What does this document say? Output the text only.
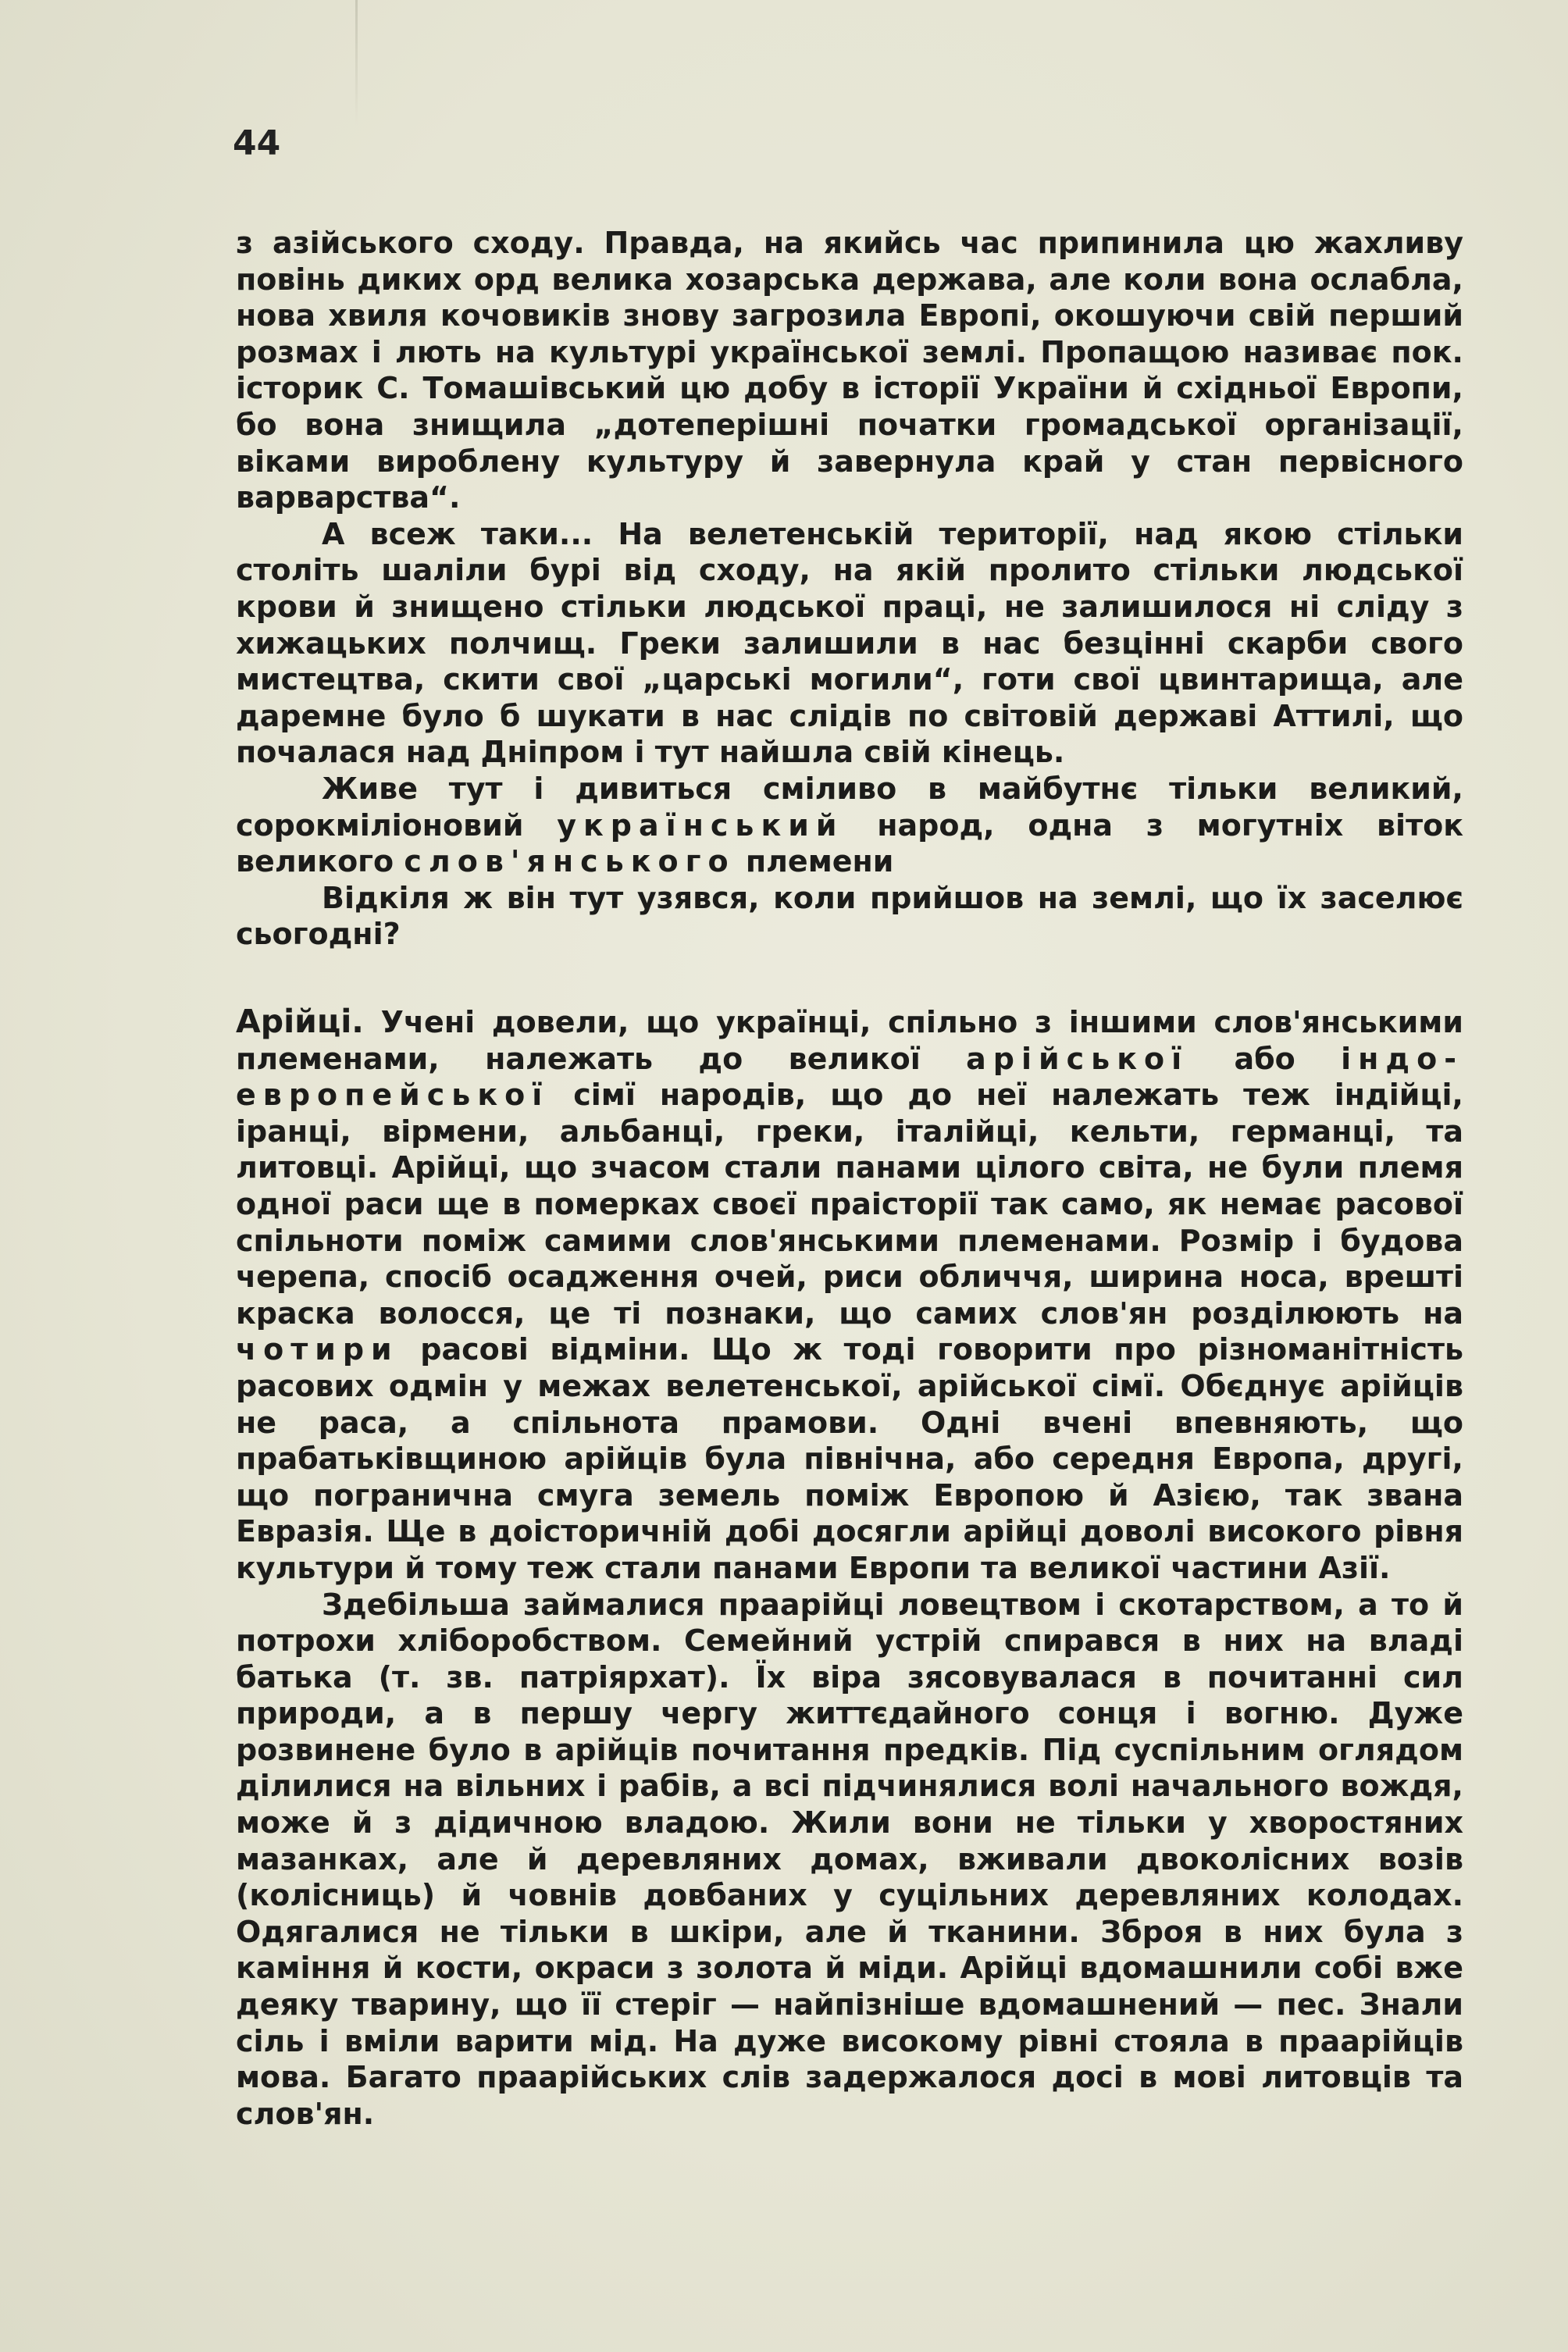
44

з азійського сходу. Правда, на якийсь час припинила цю жахливу повінь диких орд велика хозарська держава, але коли вона ослабла, нова хвиля кочовиків знову загрозила Европі, окошуючи свій перший розмах і лють на культурі української землі. Пропащою називає пок. історик С. Томашівський цю добу в історії України й східньої Европи, бо вона знищила „дотеперішні початки громадської організації, віками вироблену культуру й завернула край у стан первісного варварства“.

А всеж таки... На велетенській території, над якою стільки століть шаліли бурі від сходу, на якій пролито стільки людської крови й знищено стільки людської праці, не залишилося ні сліду з хижацьких полчищ. Греки залишили в нас безцінні скарби свого мистецтва, скити свої „царські могили“, готи свої цвинтарища, але даремне було б шукати в нас слідів по світовій державі Аттилі, що почалася над Дніпром і тут найшла свій кінець.

Живе тут і дивиться сміливо в майбутнє тільки великий, сорокміліоновий український народ, одна з могутніх віток великого слов'янського племени

Відкіля ж він тут узявся, коли прийшов на землі, що їх заселює сьогодні?

Арійці. Учені довели, що українці, спільно з іншими слов'янськими племенами, належать до великої арійської або індо-европейської сімї народів, що до неї належать теж індійці, іранці, вірмени, альбанці, греки, італійці, кельти, германці, та литовці. Арійці, що зчасом стали панами цілого світа, не були племя одної раси ще в померках своєї праісторії так само, як немає расової спільноти поміж самими слов'янськими племенами. Розмір і будова черепа, спосіб осадження очей, риси обличчя, ширина носа, врешті краска волосся, це ті познаки, що самих слов'ян розділюють на чотири расові відміни. Що ж тоді говорити про різноманітність расових одмін у межах велетенської, арійської сімї. Обєднує арійців не раса, а спільнота прамови. Одні вчені впевняють, що прабатьківщиною арійців була північна, або середня Европа, другі, що погранична смуга земель поміж Европою й Азією, так звана Евразія. Ще в доісторичній добі досягли арійці доволі високого рівня культури й тому теж стали панами Европи та великої частини Азії.

Здебільша займалися праарійці ловецтвом і скотарством, а то й потрохи хліборобством. Семейний устрій спирався в них на владі батька (т. зв. патріярхат). Їх віра зясовувалася в почитанні сил природи, а в першу чергу життєдайного сонця і вогню. Дуже розвинене було в арійців почитання предків. Під суспільним оглядом ділилися на вільних і рабів, а всі підчинялися волі начального вождя, може й з дідичною владою. Жили вони не тільки у хворостяних мазанках, але й деревляних домах, вживали двоколісних возів (колісниць) й човнів довбаних у суцільних деревляних колодах. Одягалися не тільки в шкіри, але й тканини. Зброя в них була з каміння й кости, окраси з золота й міди. Арійці вдомашнили собі вже деяку тварину, що її стеріг — найпізніше вдомашнений — пес. Знали сіль і вміли варити мід. На дуже високому рівні стояла в праарійців мова. Багато праарійських слів задержалося досі в мові литовців та слов'ян.
